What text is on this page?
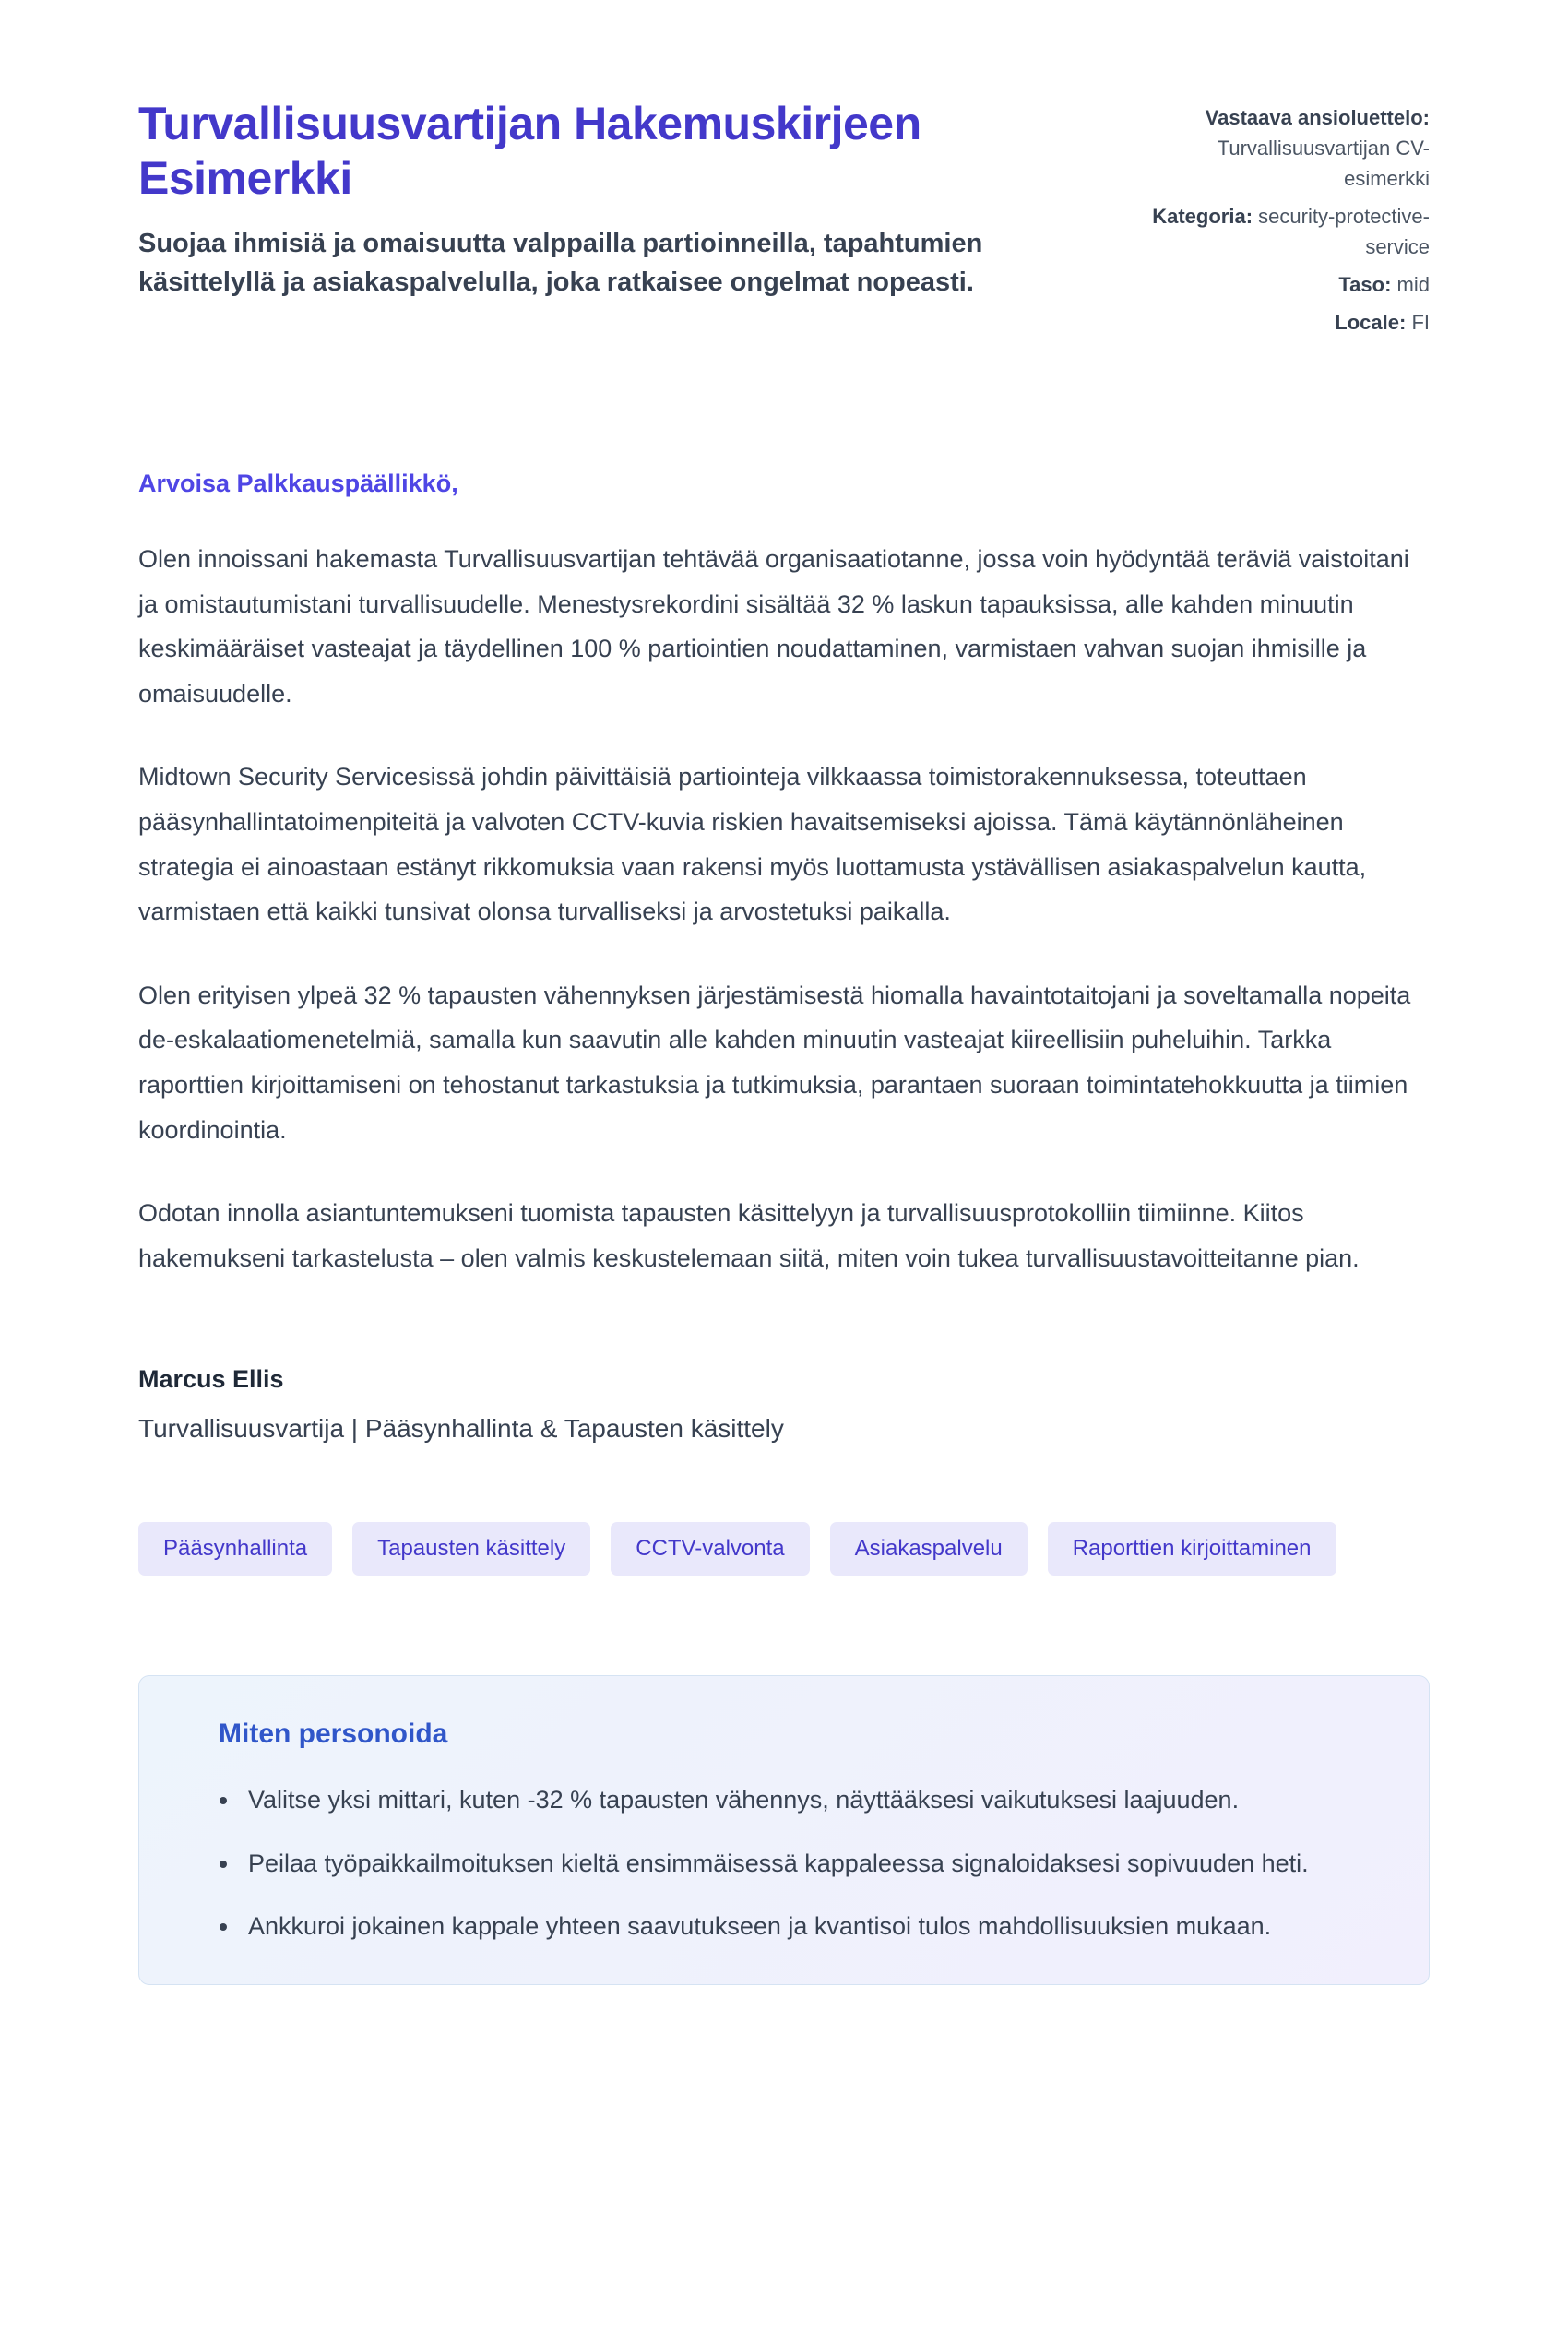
Turvallisuusvartijan Hakemuskirjeen Esimerkki

Suojaa ihmisiä ja omaisuutta valppailla partioinneilla, tapahtumien käsittelyllä ja asiakaspalvelulla, joka ratkaisee ongelmat nopeasti.

Vastaava ansioluettelo: Turvallisuusvartijan CV-esimerkki
Kategoria: security-protective-service
Taso: mid
Locale: FI

Arvoisa Palkkauspäällikkö,

Olen innoissani hakemasta Turvallisuusvartijan tehtävää organisaatiotanne, jossa voin hyödyntää teräviä vaistoitani ja omistautumistani turvallisuudelle. Menestysrekordini sisältää 32 % laskun tapauksissa, alle kahden minuutin keskimääräiset vasteajat ja täydellinen 100 % partiointien noudattaminen, varmistaen vahvan suojan ihmisille ja omaisuudelle.

Midtown Security Servicesissä johdin päivittäisiä partiointeja vilkkaassa toimistorakennuksessa, toteuttaen pääsynhallintatoimenpiteitä ja valvoten CCTV-kuvia riskien havaitsemiseksi ajoissa. Tämä käytännönläheinen strategia ei ainoastaan estänyt rikkomuksia vaan rakensi myös luottamusta ystävällisen asiakaspalvelun kautta, varmistaen että kaikki tunsivat olonsa turvalliseksi ja arvostetuksi paikalla.

Olen erityisen ylpeä 32 % tapausten vähennyksen järjestämisestä hiomalla havaintotaitojani ja soveltamalla nopeita de-eskalaatiomenetelmiä, samalla kun saavutin alle kahden minuutin vasteajat kiireellisiin puheluihin. Tarkka raporttien kirjoittamiseni on tehostanut tarkastuksia ja tutkimuksia, parantaen suoraan toimintatehokkuutta ja tiimien koordinointia.

Odotan innolla asiantuntemukseni tuomista tapausten käsittelyyn ja turvallisuusprotokolliin tiimiinne. Kiitos hakemukseni tarkastelusta – olen valmis keskustelemaan siitä, miten voin tukea turvallisuustavoitteitanne pian.

Marcus Ellis

Turvallisuusvartija | Pääsynhallinta & Tapausten käsittely

Pääsynhallinta	Tapausten käsittely	CCTV-valvonta	Asiakaspalvelu	Raporttien kirjoittaminen
Miten personoida
• Valitse yksi mittari, kuten -32 % tapausten vähennys, näyttääksesi vaikutuksesi laajuuden.
• Peilaa työpaikkailmoituksen kieltä ensimmäisessä kappaleessa signaloidaksesi sopivuuden heti.
• Ankkuroi jokainen kappale yhteen saavutukseen ja kvantisoi tulos mahdollisuuksien mukaan.
